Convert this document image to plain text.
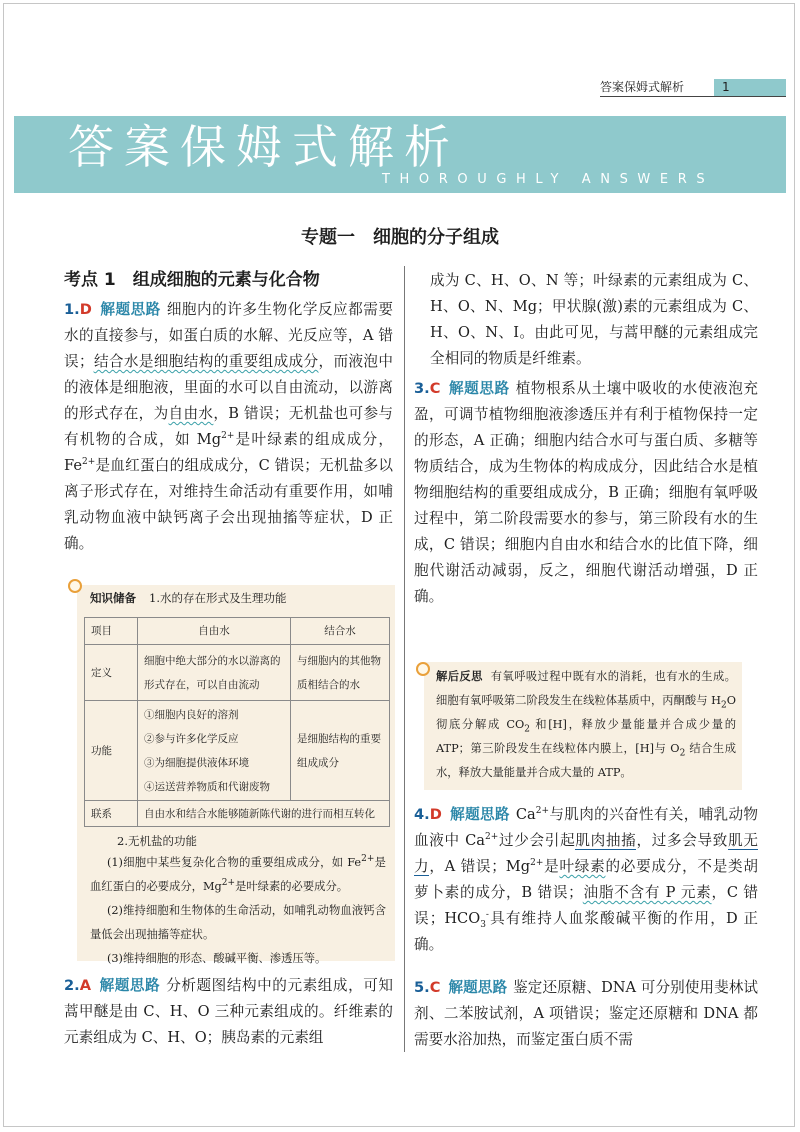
答案保姆式解析	1
答案保姆式解析
THOROUGHLY ANSWERS
专题一　细胞的分子组成
考点 1　组成细胞的元素与化合物
1.D 解题思路 细胞内的许多生物化学反应都需要水的直接参与，如蛋白质的水解、光反应等，A 错误；结合水是细胞结构的重要组成成分，而液泡中的液体是细胞液，里面的水可以自由流动，以游离的形式存在，为自由水，B 错误；无机盐也可参与有机物的合成，如 $Mg^{2+}$是叶绿素的组成成分，$Fe^{2+}$是血红蛋白的组成成分，C 错误；无机盐多以离子形式存在，对维持生命活动有重要作用，如哺乳动物血液中缺钙离子会出现抽搐等症状，D 正确。
知识储备 1.水的存在形式及生理功能
项目	自由水	结合水
定义	细胞中绝大部分的水以游离的形式存在，可以自由流动	与细胞内的其他物质相结合的水
功能	①细胞内良好的溶剂
②参与许多化学反应
③为细胞提供液体环境
④运送营养物质和代谢废物	是细胞结构的重要组成成分
联系	自由水和结合水能够随新陈代谢的进行而相互转化	
2.无机盐的功能

(1)细胞中某些复杂化合物的重要组成成分，如 $Fe^{2+}$是血红蛋白的必要成分，$Mg^{2+}$是叶绿素的必要成分。

(2)维持细胞和生物体的生命活动，如哺乳动物血液钙含量低会出现抽搐等症状。

(3)维持细胞的形态、酸碱平衡、渗透压等。

2.A 解题思路 分析题图结构中的元素组成，可知蒿甲醚是由 C、H、O 三种元素组成的。纤维素的元素组成为 C、H、O；胰岛素的元素组
成为 C、H、O、N 等；叶绿素的元素组成为 C、H、O、N、Mg；甲状腺(激)素的元素组成为 C、H、O、N、I。由此可见，与蒿甲醚的元素组成完全相同的物质是纤维素。
3.C 解题思路 植物根系从土壤中吸收的水使液泡充盈，可调节植物细胞液渗透压并有利于植物保持一定的形态，A 正确；细胞内结合水可与蛋白质、多糖等物质结合，成为生物体的构成成分，因此结合水是植物细胞结构的重要组成成分，B 正确；细胞有氧呼吸过程中，第二阶段需要水的参与，第三阶段有水的生成，C 错误；细胞内自由水和结合水的比值下降，细胞代谢活动减弱，反之，细胞代谢活动增强，D 正确。
解后反思 有氧呼吸过程中既有水的消耗，也有水的生成。细胞有氧呼吸第二阶段发生在线粒体基质中，丙酮酸与 $H_2O$ 彻底分解成 $CO_2$ 和[H]，释放少量能量并合成少量的 ATP；第三阶段发生在线粒体内膜上，[H]与 $O_2$ 结合生成水，释放大量能量并合成大量的 ATP。
4.D 解题思路 $Ca^{2+}$与肌肉的兴奋性有关，哺乳动物血液中 $Ca^{2+}$过少会引起肌肉抽搐，过多会导致肌无力，A 错误；$Mg^{2+}$是叶绿素的必要成分，不是类胡萝卜素的成分，B 错误；油脂不含有 P 元素，C 错误；$HCO_3^-$具有维持人血浆酸碱平衡的作用，D 正确。
5.C 解题思路 鉴定还原糖、DNA 可分别使用斐林试剂、二苯胺试剂，A 项错误；鉴定还原糖和 DNA 都需要水浴加热，而鉴定蛋白质不需
